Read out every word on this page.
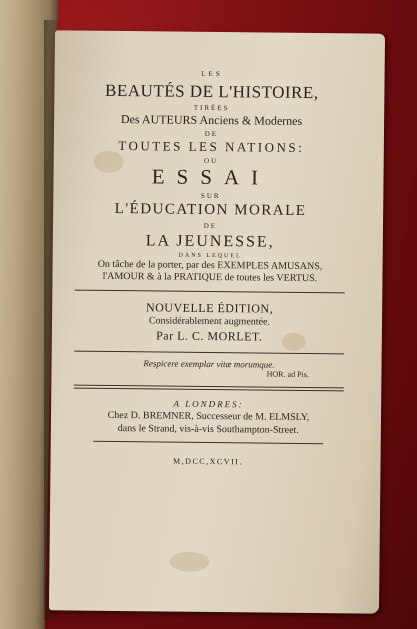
LES
BEAUTÉS DE L'HISTOIRE,
TIRÉES
Des AUTEURS Anciens & Modernes
DE
TOUTES LES NATIONS:
OU
ESSAI
SUR
L'ÉDUCATION MORALE
DE
LA JEUNESSE,
DANS LEQUEL
On tâche de la porter, par des EXEMPLES AMUSANS,
l'AMOUR & à la PRATIQUE de toutes les VERTUS.
NOUVELLE ÉDITION,
Considérablement augmentée.
Par L. C. MORLET.
Respicere exemplar vitæ morumque.
HOR. ad Pis.
A LONDRES:
Chez D. BREMNER, Successeur de M. ELMSLY,
dans le Strand, vis-à-vis Southampton-Street.
M,DCC,XCVII.
